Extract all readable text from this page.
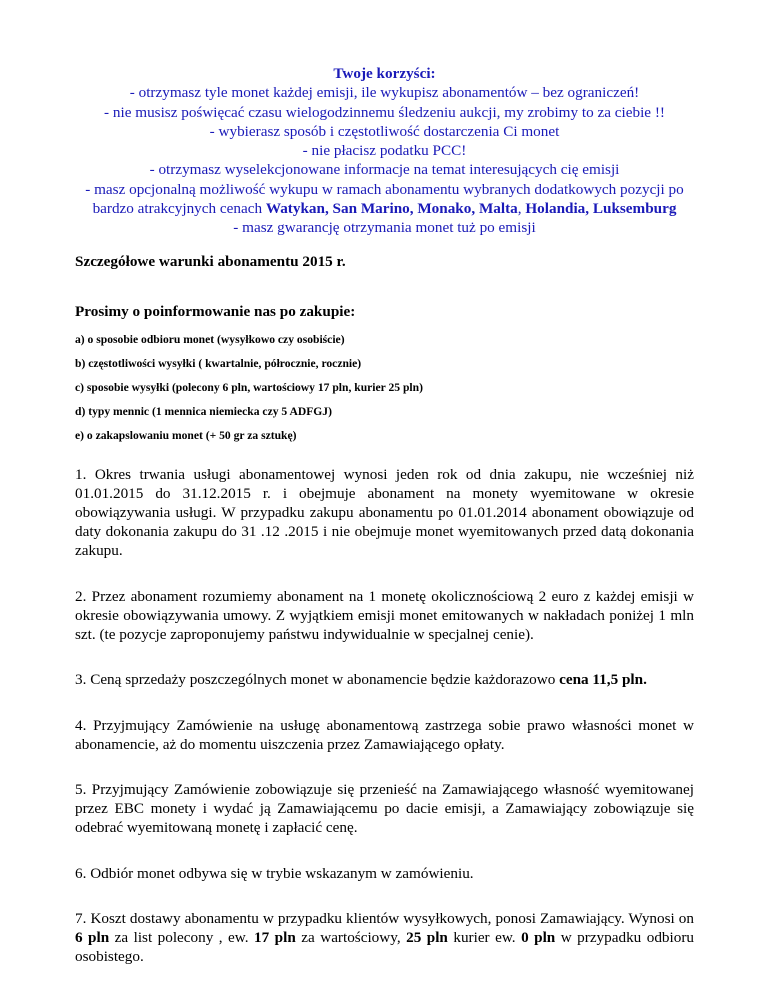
Twoje korzyści:
- otrzymasz tyle monet każdej emisji, ile wykupisz abonamentów – bez ograniczeń!
- nie musisz poświęcać czasu wielogodzinnemu śledzeniu aukcji, my zrobimy to za ciebie !!
- wybierasz sposób i częstotliwość dostarczenia Ci monet
- nie płacisz podatku PCC!
- otrzymasz wyselekcjonowane informacje na temat interesujących cię emisji
- masz opcjonalną możliwość wykupu w ramach abonamentu wybranych dodatkowych pozycji po
bardzo atrakcyjnych cenach Watykan, San Marino, Monako, Malta, Holandia, Luksemburg
- masz gwarancję otrzymania monet tuż po emisji
Szczegółowe warunki abonamentu 2015 r.
Prosimy o poinformowanie nas po zakupie:
a) o sposobie odbioru monet (wysyłkowo czy osobiście)
b) częstotliwości wysyłki ( kwartalnie, półrocznie, rocznie)
c) sposobie wysyłki (polecony 6 pln, wartościowy 17 pln, kurier 25 pln)
d) typy mennic (1 mennica niemiecka czy 5 ADFGJ)
e) o zakapslowaniu monet (+ 50 gr za sztukę)
1. Okres trwania usługi abonamentowej wynosi jeden rok od dnia zakupu, nie wcześniej niż 01.01.2015 do 31.12.2015 r. i obejmuje abonament na monety wyemitowane w okresie obowiązywania usługi. W przypadku zakupu abonamentu po 01.01.2014 abonament obowiązuje od daty dokonania zakupu do 31 .12 .2015 i nie obejmuje monet wyemitowanych przed datą dokonania zakupu.
2. Przez abonament rozumiemy abonament na 1 monetę okolicznościową 2 euro z każdej emisji w okresie obowiązywania umowy. Z wyjątkiem emisji monet emitowanych w nakładach poniżej 1 mln szt. (te pozycje zaproponujemy państwu indywidualnie w specjalnej cenie).
3. Ceną sprzedaży poszczególnych monet w abonamencie będzie każdorazowo cena 11,5 pln.
4. Przyjmujący Zamówienie na usługę abonamentową zastrzega sobie prawo własności monet w abonamencie, aż do momentu uiszczenia przez Zamawiającego opłaty.
5. Przyjmujący Zamówienie zobowiązuje się przenieść na Zamawiającego własność wyemitowanej przez EBC monety i wydać ją Zamawiającemu po dacie emisji, a Zamawiający zobowiązuje się odebrać wyemitowaną monetę i zapłacić cenę.
6. Odbiór monet odbywa się w trybie wskazanym w zamówieniu.
7. Koszt dostawy abonamentu w przypadku klientów wysyłkowych, ponosi Zamawiający. Wynosi on 6 pln za list polecony , ew. 17 pln za wartościowy, 25 pln kurier ew. 0 pln w przypadku odbioru osobistego.
